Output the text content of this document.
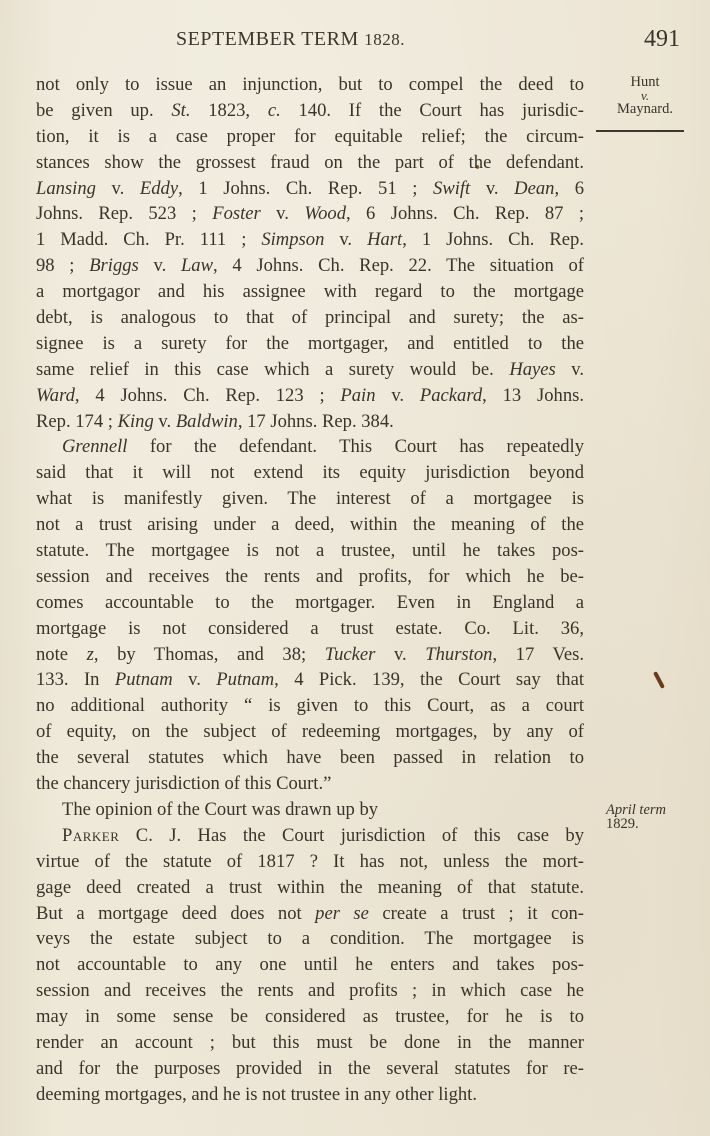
SEPTEMBER TERM 1828.	491
Hunt
v.
Maynard.
April term
1829.
not only to issue an injunction, but to compel the deed to
be given up. St. 1823, c. 140. If the Court has jurisdic-
tion, it is a case proper for equitable relief; the circum-
stances show the grossest fraud on the part of the defendant.
Lansing v. Eddy, 1 Johns. Ch. Rep. 51 ; Swift v. Dean, 6
Johns. Rep. 523 ; Foster v. Wood, 6 Johns. Ch. Rep. 87 ;
1 Madd. Ch. Pr. 111 ; Simpson v. Hart, 1 Johns. Ch. Rep.
98 ; Briggs v. Law, 4 Johns. Ch. Rep. 22. The situation of
a mortgagor and his assignee with regard to the mortgage
debt, is analogous to that of principal and surety; the as-
signee is a surety for the mortgager, and entitled to the
same relief in this case which a surety would be. Hayes v.
Ward, 4 Johns. Ch. Rep. 123 ; Pain v. Packard, 13 Johns.
Rep. 174 ; King v. Baldwin, 17 Johns. Rep. 384.
Grennell for the defendant. This Court has repeatedly
said that it will not extend its equity jurisdiction beyond
what is manifestly given. The interest of a mortgagee is
not a trust arising under a deed, within the meaning of the
statute. The mortgagee is not a trustee, until he takes pos-
session and receives the rents and profits, for which he be-
comes accountable to the mortgager. Even in England a
mortgage is not considered a trust estate. Co. Lit. 36,
note z, by Thomas, and 38; Tucker v. Thurston, 17 Ves.
133. In Putnam v. Putnam, 4 Pick. 139, the Court say that
no additional authority “ is given to this Court, as a court
of equity, on the subject of redeeming mortgages, by any of
the several statutes which have been passed in relation to
the chancery jurisdiction of this Court.”
The opinion of the Court was drawn up by
Parker C. J. Has the Court jurisdiction of this case by
virtue of the statute of 1817 ? It has not, unless the mort-
gage deed created a trust within the meaning of that statute.
But a mortgage deed does not per se create a trust ; it con-
veys the estate subject to a condition. The mortgagee is
not accountable to any one until he enters and takes pos-
session and receives the rents and profits ; in which case he
may in some sense be considered as trustee, for he is to
render an account ; but this must be done in the manner
and for the purposes provided in the several statutes for re-
deeming mortgages, and he is not trustee in any other light.
